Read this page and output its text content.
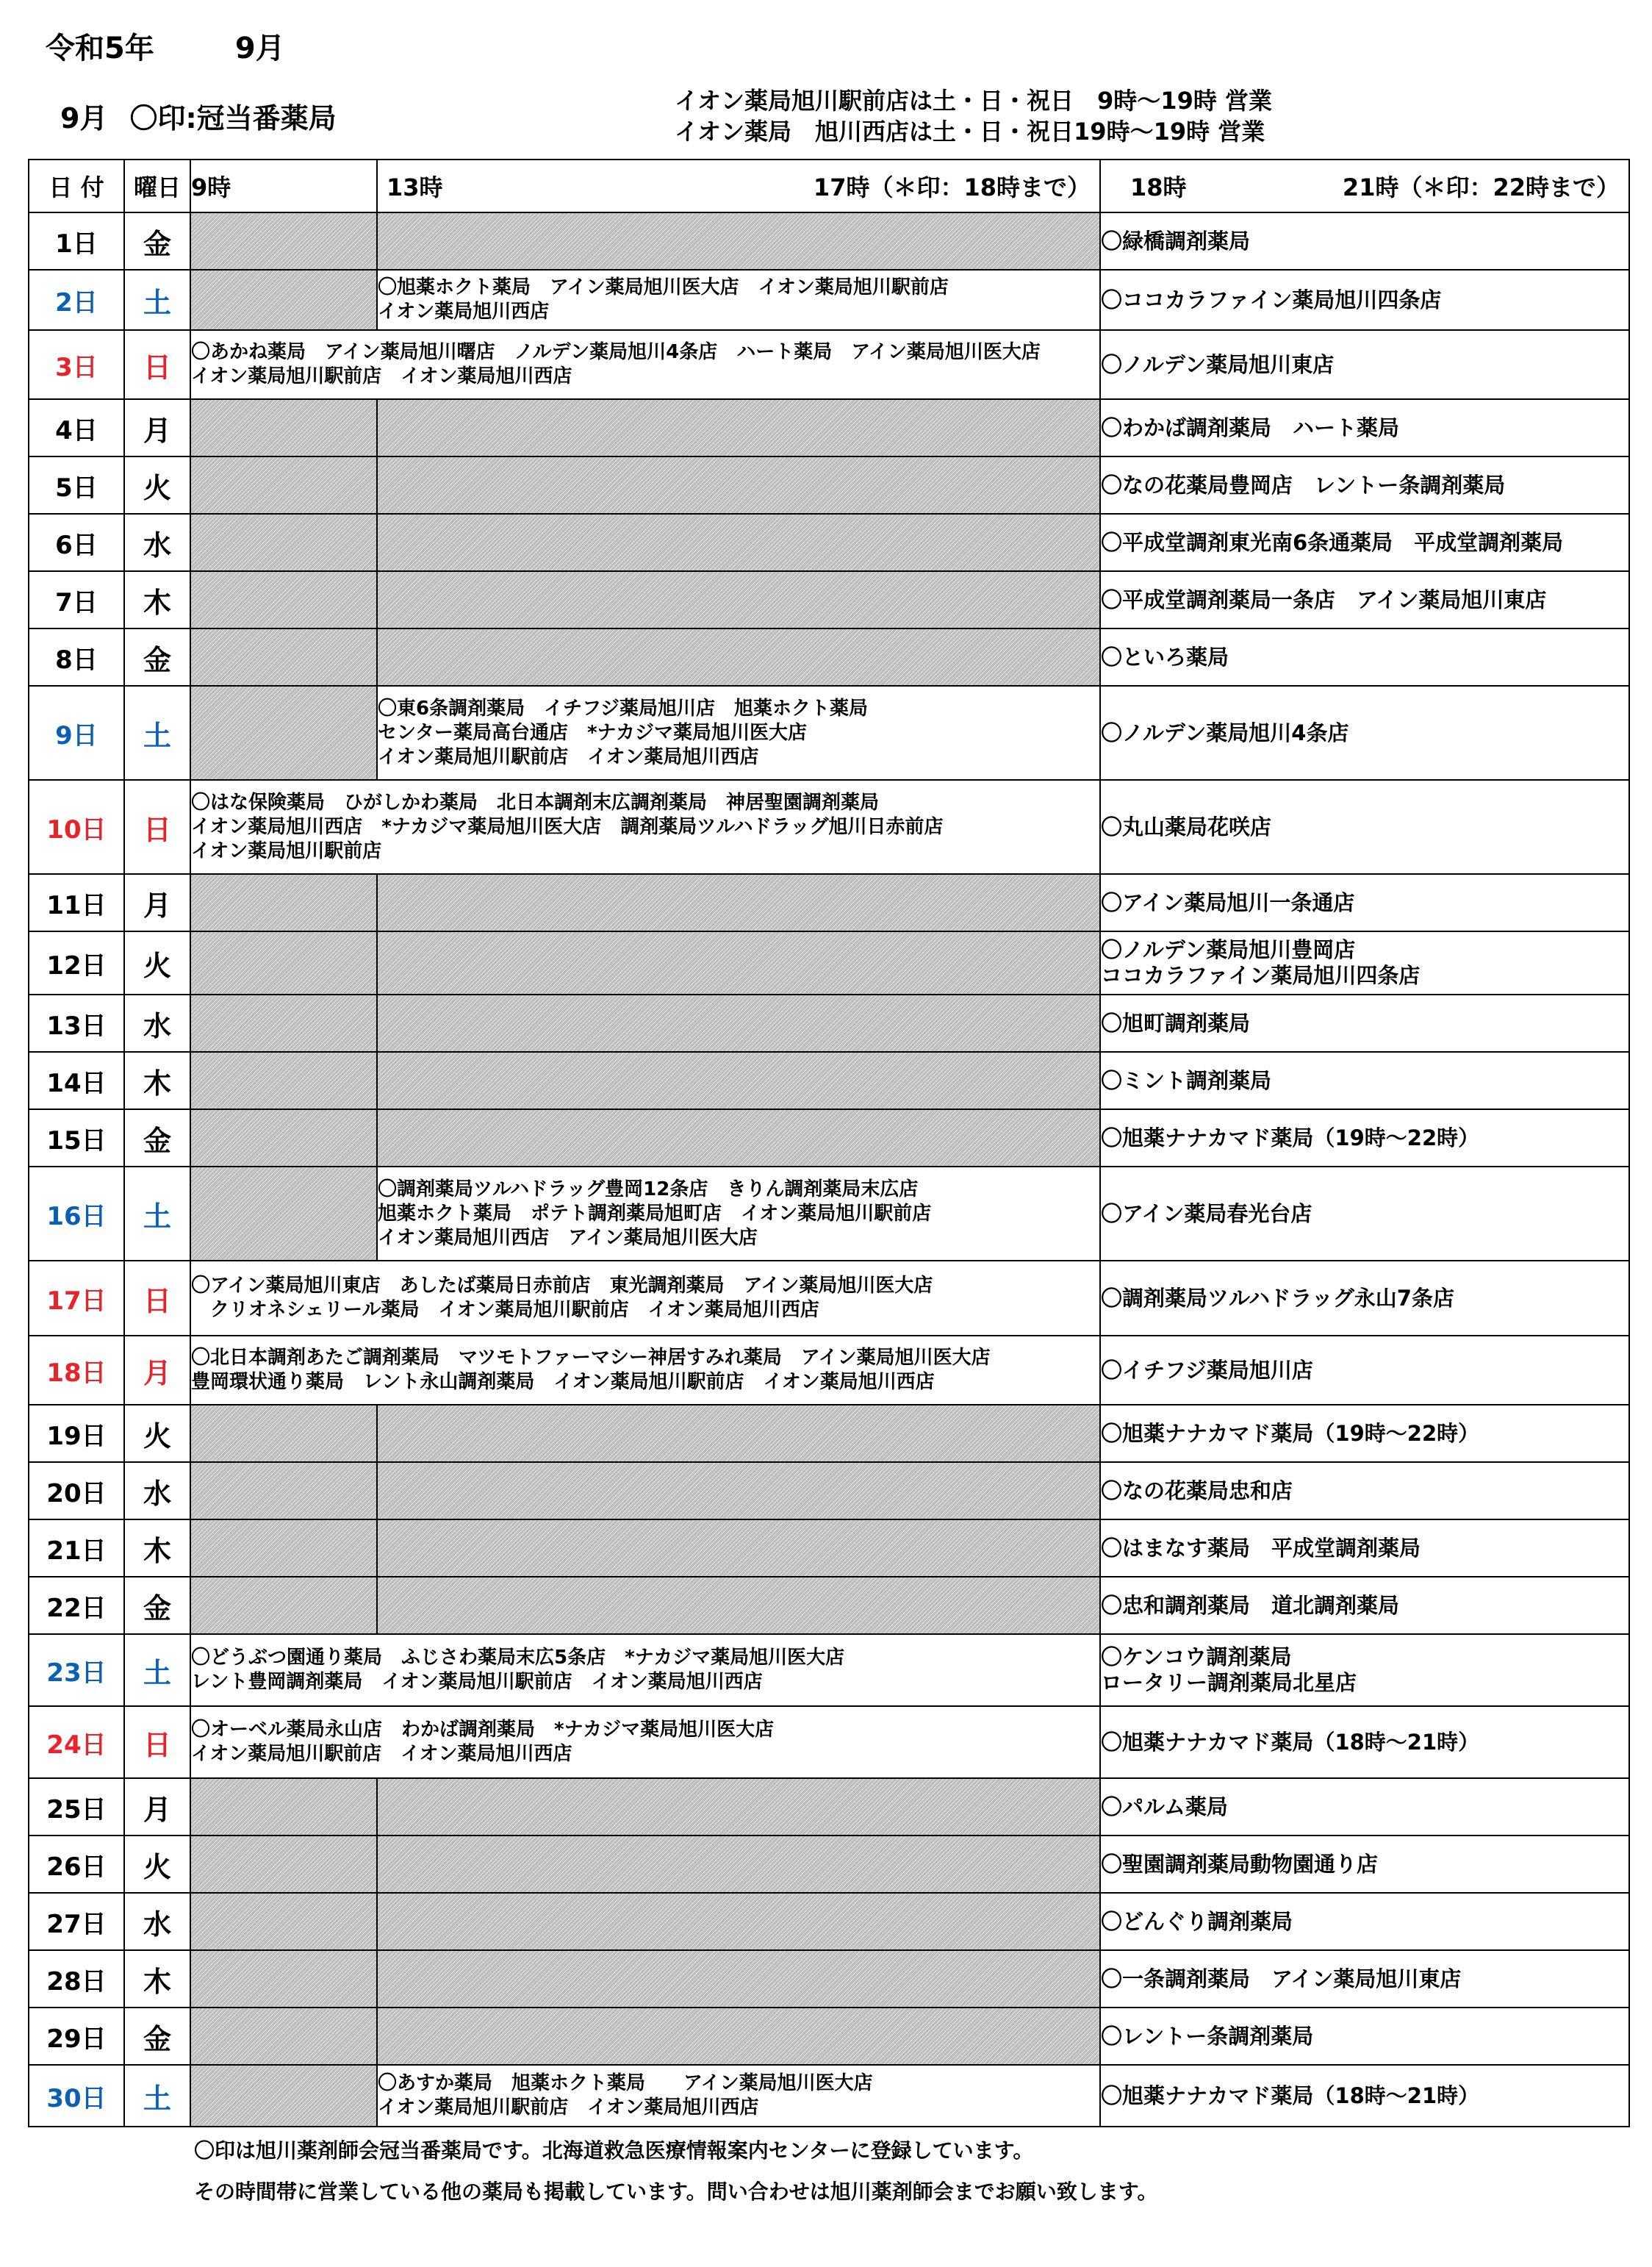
令和5年	9月
9月 〇印:冠当番薬局
イオン薬局旭川駅前店は土・日・祝日　9時～19時 営業
イオン薬局　旭川西店は土・日・祝日19時～19時 営業
日 付	曜日	9時	13時 17時（＊印：18時まで）	18時 21時（＊印：22時まで）

1日	金			〇緑橋調剤薬局
2日	土		〇旭薬ホクト薬局　アイン薬局旭川医大店　イオン薬局旭川駅前店
イオン薬局旭川西店	〇ココカラファイン薬局旭川四条店
3日	日	〇あかね薬局　アイン薬局旭川曙店　ノルデン薬局旭川4条店　ハート薬局　アイン薬局旭川医大店
イオン薬局旭川駅前店　イオン薬局旭川西店		〇ノルデン薬局旭川東店
4日	月			〇わかば調剤薬局　ハート薬局
5日	火			〇なの花薬局豊岡店　レントー条調剤薬局
6日	水			〇平成堂調剤東光南6条通薬局　平成堂調剤薬局
7日	木			〇平成堂調剤薬局一条店　アイン薬局旭川東店
8日	金			〇といろ薬局
9日	土		〇東6条調剤薬局　イチフジ薬局旭川店　旭薬ホクト薬局
センター薬局高台通店　*ナカジマ薬局旭川医大店
イオン薬局旭川駅前店　イオン薬局旭川西店	〇ノルデン薬局旭川4条店
10日	日	〇はな保険薬局　ひがしかわ薬局　北日本調剤末広調剤薬局　神居聖園調剤薬局
イオン薬局旭川西店　*ナカジマ薬局旭川医大店　調剤薬局ツルハドラッグ旭川日赤前店
イオン薬局旭川駅前店		〇丸山薬局花咲店
11日	月			〇アイン薬局旭川一条通店
12日	火			〇ノルデン薬局旭川豊岡店
ココカラファイン薬局旭川四条店
13日	水			〇旭町調剤薬局
14日	木			〇ミント調剤薬局
15日	金			〇旭薬ナナカマド薬局（19時～22時）
16日	土		〇調剤薬局ツルハドラッグ豊岡12条店　きりん調剤薬局末広店
旭薬ホクト薬局　ポテト調剤薬局旭町店　イオン薬局旭川駅前店
イオン薬局旭川西店　アイン薬局旭川医大店	〇アイン薬局春光台店
17日	日	〇アイン薬局旭川東店　あしたば薬局日赤前店　東光調剤薬局　アイン薬局旭川医大店
　クリオネシェリール薬局　イオン薬局旭川駅前店　イオン薬局旭川西店		〇調剤薬局ツルハドラッグ永山7条店
18日	月	〇北日本調剤あたご調剤薬局　マツモトファーマシー神居すみれ薬局　アイン薬局旭川医大店
豊岡環状通り薬局　レント永山調剤薬局　イオン薬局旭川駅前店　イオン薬局旭川西店		〇イチフジ薬局旭川店
19日	火			〇旭薬ナナカマド薬局（19時～22時）
20日	水			〇なの花薬局忠和店
21日	木			〇はまなす薬局　平成堂調剤薬局
22日	金			〇忠和調剤薬局　道北調剤薬局
23日	土	〇どうぶつ園通り薬局　ふじさわ薬局末広5条店　*ナカジマ薬局旭川医大店
レント豊岡調剤薬局　イオン薬局旭川駅前店　イオン薬局旭川西店		〇ケンコウ調剤薬局
ロータリー調剤薬局北星店
24日	日	〇オーベル薬局永山店　わかば調剤薬局　*ナカジマ薬局旭川医大店
イオン薬局旭川駅前店　イオン薬局旭川西店		〇旭薬ナナカマド薬局（18時～21時）
25日	月			〇パルム薬局
26日	火			〇聖園調剤薬局動物園通り店
27日	水			〇どんぐり調剤薬局
28日	木			〇一条調剤薬局　アイン薬局旭川東店
29日	金			〇レントー条調剤薬局
30日	土		〇あすか薬局　旭薬ホクト薬局　　アイン薬局旭川医大店
イオン薬局旭川駅前店　イオン薬局旭川西店	〇旭薬ナナカマド薬局（18時～21時）
〇印は旭川薬剤師会冠当番薬局です。北海道救急医療情報案内センターに登録しています。
その時間帯に営業している他の薬局も掲載しています。問い合わせは旭川薬剤師会までお願い致します。
